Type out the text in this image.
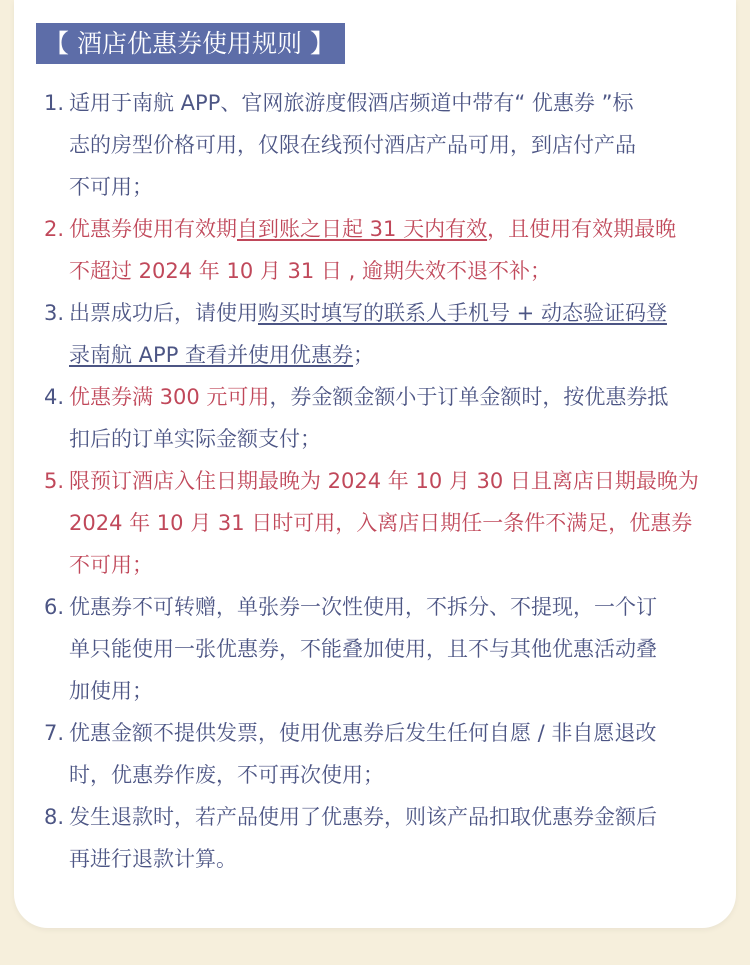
【 酒店优惠券使用规则 】
1. 适用于南航 APP、官网旅游度假酒店频道中带有“ 优惠券 ”标
志的房型价格可用，仅限在线预付酒店产品可用，到店付产品
不可用；
2. 优惠券使用有效期自到账之日起 31 天内有效，且使用有效期最晚
不超过 2024 年 10 月 31 日 , 逾期失效不退不补；
3. 出票成功后，请使用购买时填写的联系人手机号 + 动态验证码登
录南航 APP 查看并使用优惠券；
4. 优惠券满 300 元可用，券金额金额小于订单金额时，按优惠券抵
扣后的订单实际金额支付；
5. 限预订酒店入住日期最晚为 2024 年 10 月 30 日且离店日期最晚为
2024 年 10 月 31 日时可用，入离店日期任一条件不满足，优惠券
不可用；
6. 优惠券不可转赠，单张券一次性使用，不拆分、不提现，一个订
单只能使用一张优惠券，不能叠加使用，且不与其他优惠活动叠
加使用；
7. 优惠金额不提供发票，使用优惠券后发生任何自愿 / 非自愿退改
时，优惠券作废，不可再次使用；
8. 发生退款时，若产品使用了优惠券，则该产品扣取优惠券金额后
再进行退款计算。
